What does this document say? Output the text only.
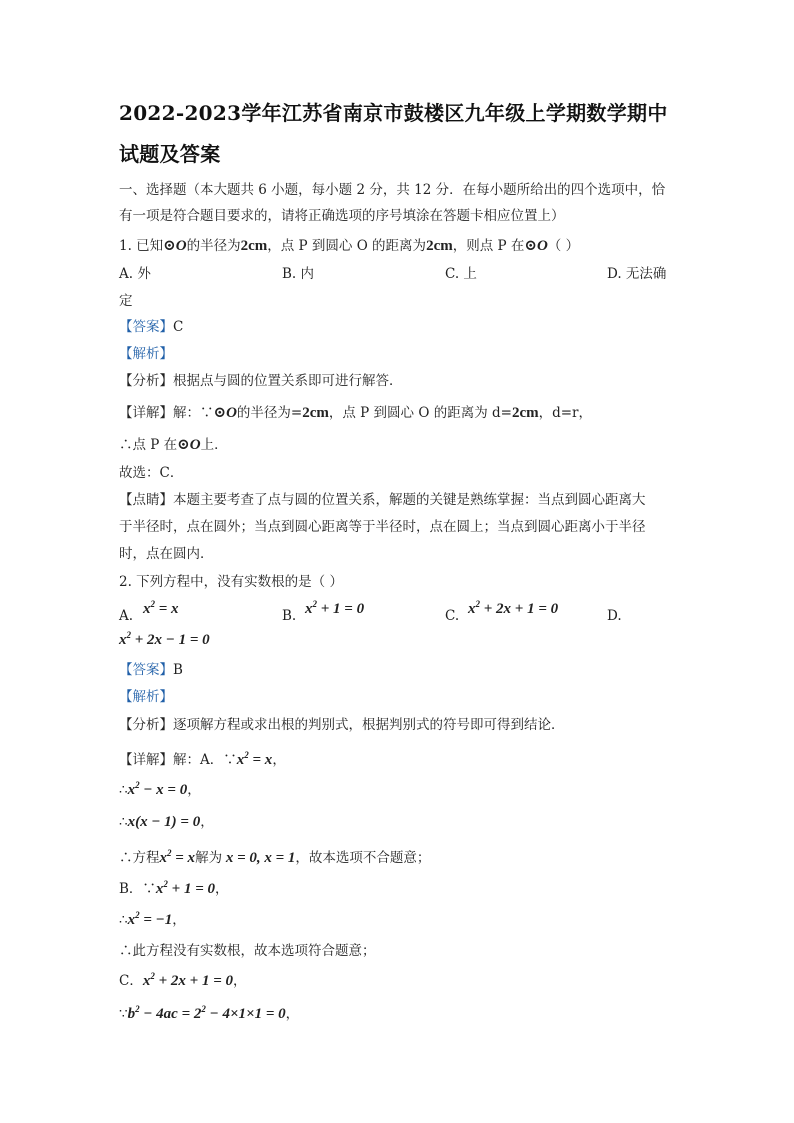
2022-2023学年江苏省南京市鼓楼区九年级上学期数学期中
试题及答案
一、选择题（本大题共 6 小题，每小题 2 分，共 12 分．在每小题所给出的四个选项中，恰
有一项是符合题目要求的，请将正确选项的序号填涂在答题卡相应位置上）
1. 已知⊙O的半径为2cm，点 P 到圆心 O 的距离为2cm，则点 P 在⊙O（ ）
A. 外	B. 内	C. 上	D. 无法确
定
【答案】C
【解析】
【分析】根据点与圆的位置关系即可进行解答．
【详解】解：∵⊙O的半径为=2cm，点 P 到圆心 O 的距离为 d=2cm，d=r，
∴点 P 在⊙O上．
故选：C．
【点睛】本题主要考查了点与圆的位置关系，解题的关键是熟练掌握：当点到圆心距离大
于半径时，点在圆外；当点到圆心距离等于半径时，点在圆上；当点到圆心距离小于半径
时，点在圆内．
2. 下列方程中，没有实数根的是（ ）
A. $x^2 = x$	B. $x^2 + 1 = 0$	C. $x^2 + 2x + 1 = 0$	D.
$x^2 + 2x - 1 = 0$
【答案】B
【解析】
【分析】逐项解方程或求出根的判别式，根据判别式的符号即可得到结论．
【详解】解：A．$\because x^2 = x$，
$\therefore x^2 - x = 0$，
∴x(x − 1) = 0，
∴方程$x^2 = x$解为 x = 0, x = 1，故本选项不合题意；
B．$\because x^2 + 1 = 0$，
$\therefore x^2 = -1$，
∴此方程没有实数根，故本选项符合题意；
C．$x^2 + 2x + 1 = 0$，
$\because b^2 - 4ac = 2^2 - 4\times 1\times 1 = 0$，
